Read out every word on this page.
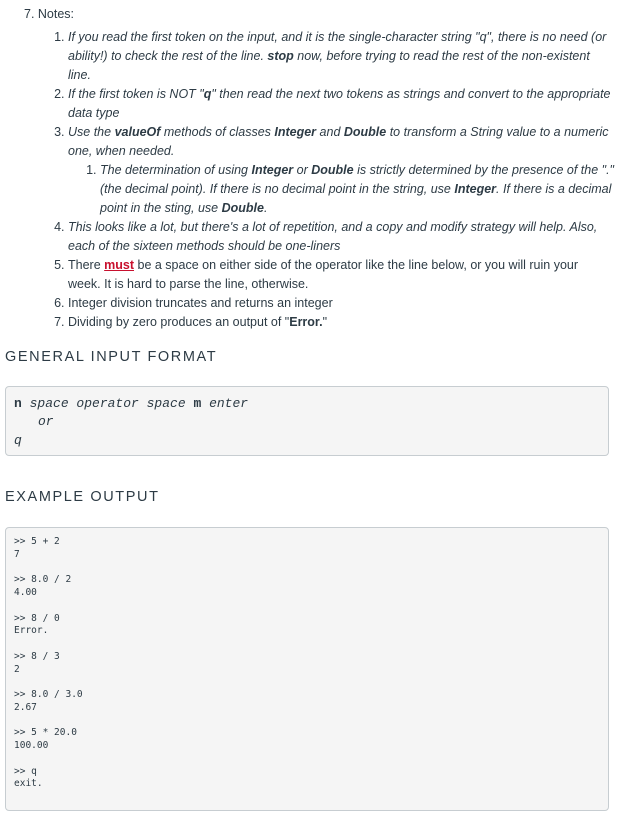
7. Notes:

1. If you read the first token on the input, and it is the single-character string "q", there is no need (or ability!) to check the rest of the line. stop now, before trying to read the rest of the non-existent line.
2. If the first token is NOT "q" then read the next two tokens as strings and convert to the appropriate data type
3. Use the valueOf methods of classes Integer and Double to transform a String value to a numeric one, when needed.
1. The determination of using Integer or Double is strictly determined by the presence of the "." (the decimal point). If there is no decimal point in the string, use Integer. If there is a decimal point in the sting, use Double.
4. This looks like a lot, but there's a lot of repetition, and a copy and modify strategy will help. Also, each of the sixteen methods should be one-liners
5. There must be a space on either side of the operator like the line below, or you will ruin your week. It is hard to parse the line, otherwise.
6. Integer division truncates and returns an integer
7. Dividing by zero produces an output of "Error."
GENERAL INPUT FORMAT
n space operator space m enter
or
q
EXAMPLE OUTPUT
>> 5 + 2
7

>> 8.0 / 2
4.00

>> 8 / 0
Error.

>> 8 / 3
2

>> 8.0 / 3.0
2.67

>> 5 * 20.0
100.00

>> q
exit.
